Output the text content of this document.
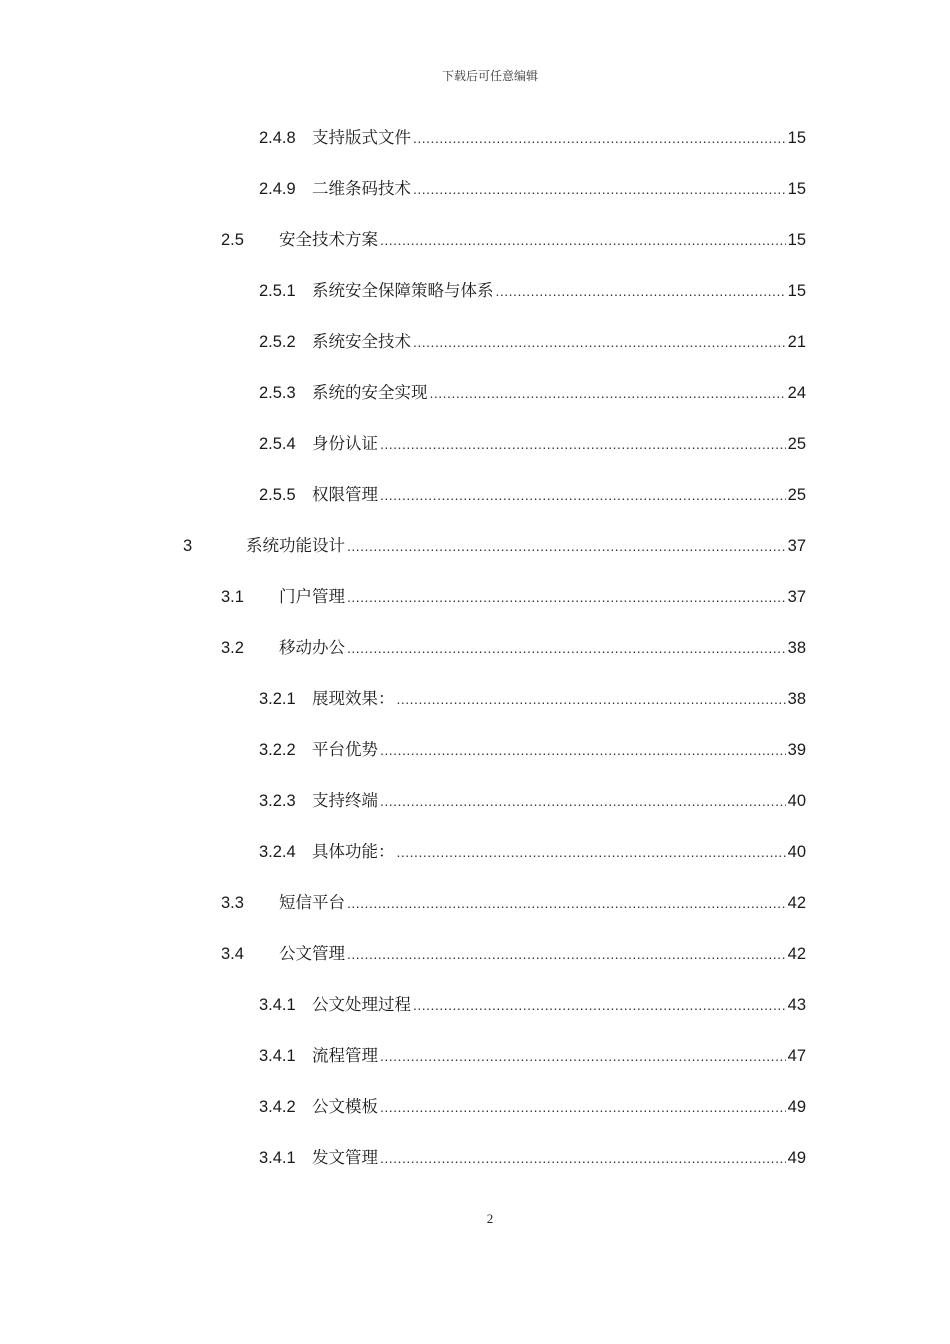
下载后可任意编辑
2.4.8 支持版式文件 .....	15
2.4.9 二维条码技术 .....	15
2.5	安全技术方案 .....	15
2.5.1 系统安全保障策略与体系 .....	15
2.5.2 系统安全技术 .....	21
2.5.3 系统的安全实现 .....	24
2.5.4 身份认证 .....	25
2.5.5 权限管理 .....	25
3	系统功能设计 .....	37
3.1	门户管理 .....	37
3.2	移动办公 .....	38
3.2.1 展现效果： .....	38
3.2.2 平台优势 .....	39
3.2.3 支持终端 .....	40
3.2.4 具体功能： .....	40
3.3	短信平台 .....	42
3.4	公文管理 .....	42
3.4.1 公文处理过程 .....	43
3.4.1 流程管理 .....	47
3.4.2 公文模板 .....	49
3.4.1 发文管理 .....	49
2
